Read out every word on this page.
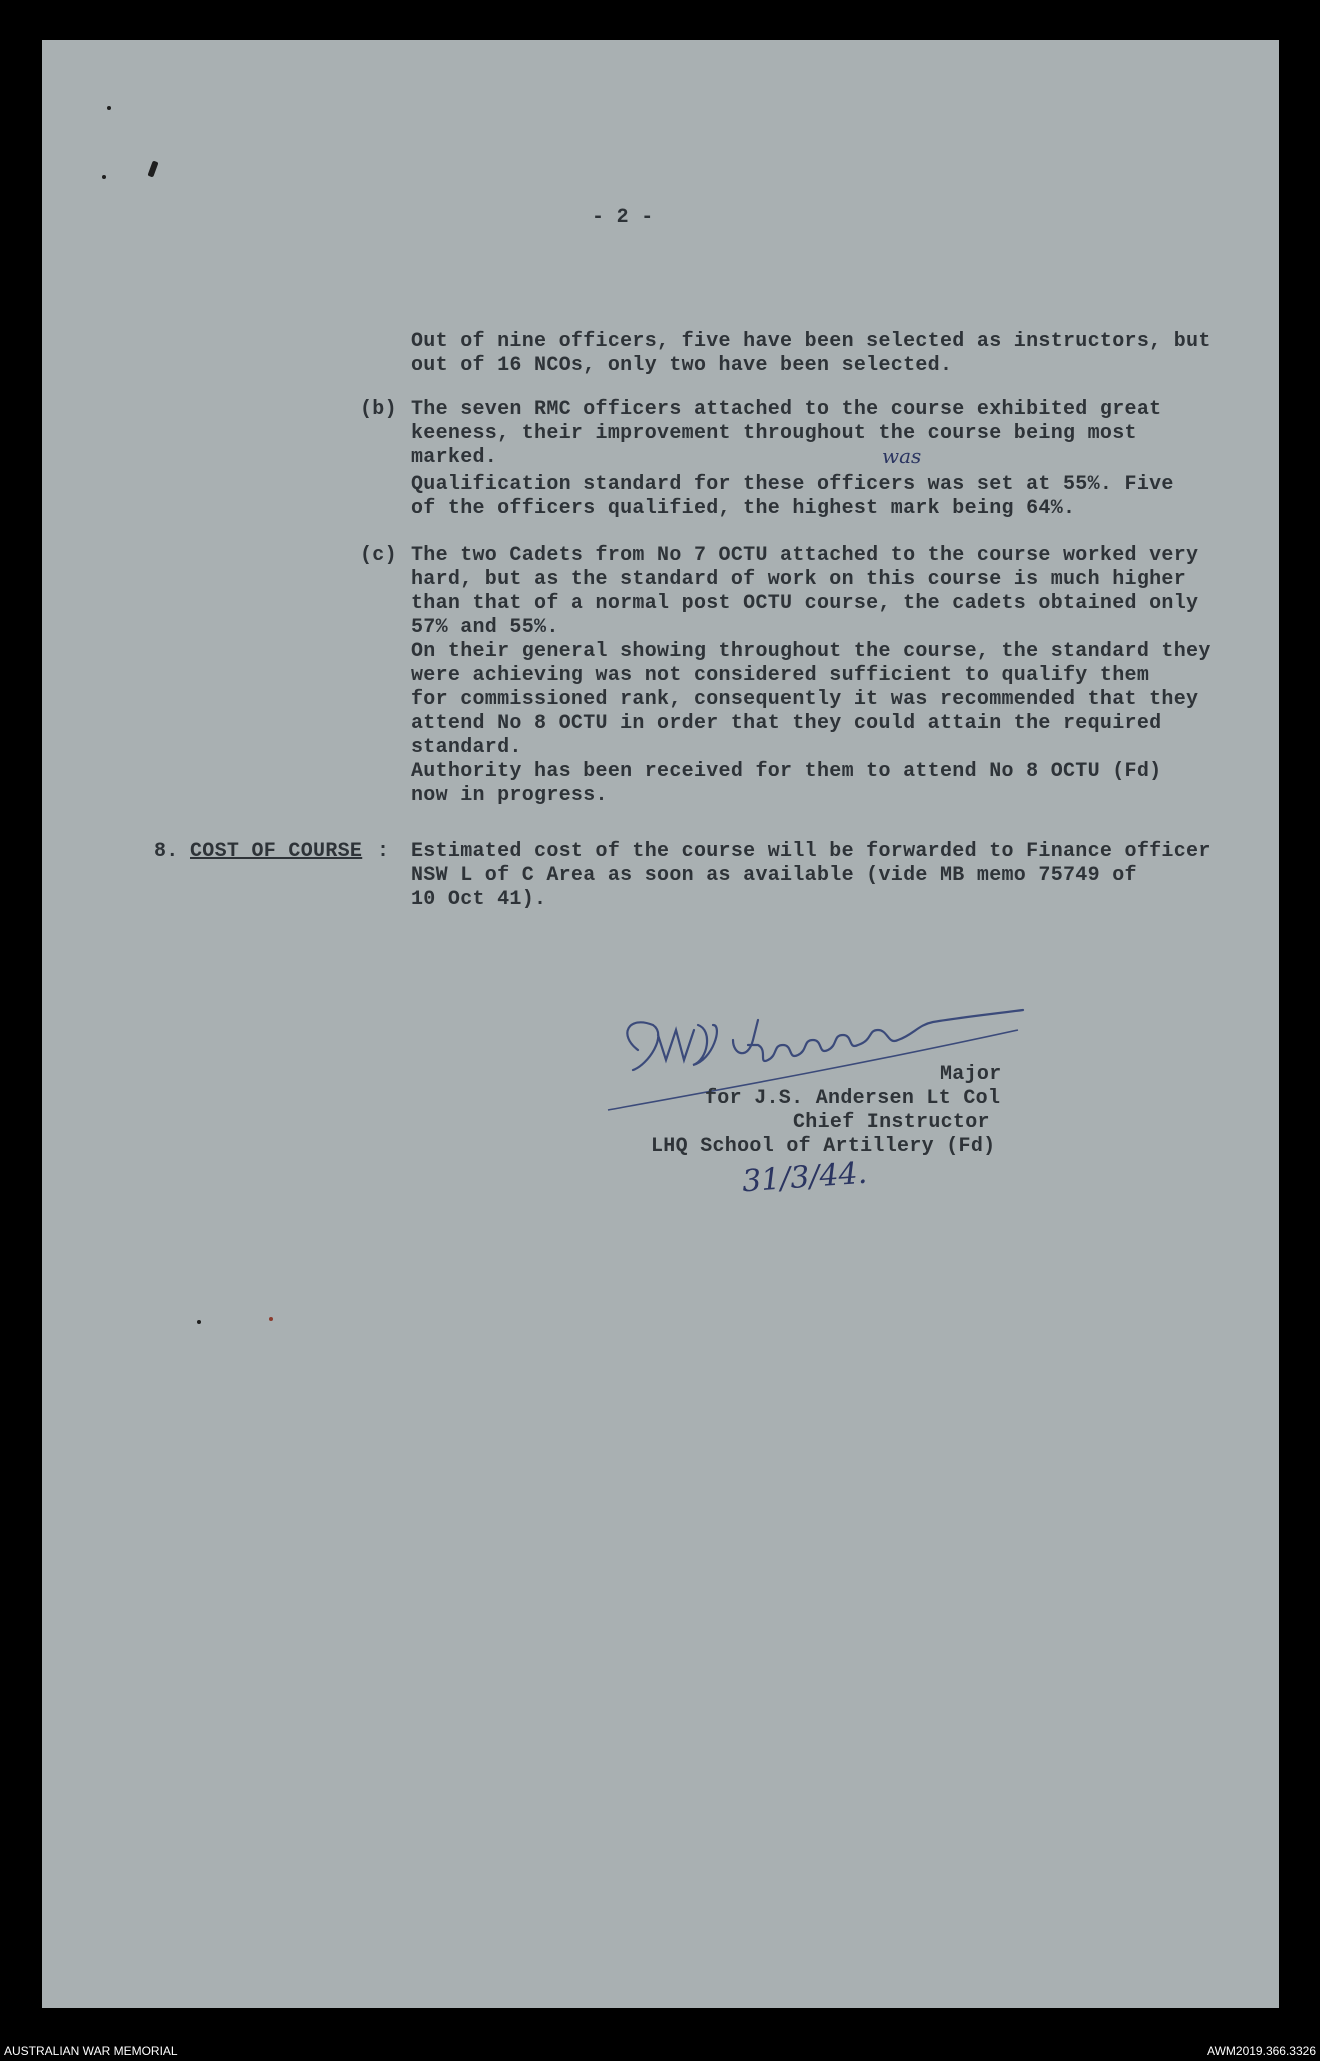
- 2 -
Out of nine officers, five have been selected as instructors, but
out of 16 NCOs, only two have been selected.
(b) The seven RMC officers attached to the course exhibited great
keeness, their improvement throughout the course being most
marked.
Qualification standard for these officers was set at 55%. Five
of the officers qualified, the highest mark being 64%.
was
(c) The two Cadets from No 7 OCTU attached to the course worked very
hard, but as the standard of work on this course is much higher
than that of a normal post OCTU course, the cadets obtained only
57% and 55%.
On their general showing throughout the course, the standard they
were achieving was not considered sufficient to qualify them
for commissioned rank, consequently it was recommended that they
attend No 8 OCTU in order that they could attain the required
standard.
Authority has been received for them to attend No 8 OCTU (Fd)
now in progress.
8. COST OF COURSE : Estimated cost of the course will be forwarded to Finance officer
NSW L of C Area as soon as available (vide MB memo 75749 of
10 Oct 41).
Major
for J.S. Andersen Lt Col
Chief Instructor
LHQ School of Artillery (Fd)
31/3/44.
AUSTRALIAN WAR MEMORIAL	AWM2019.366.3326
